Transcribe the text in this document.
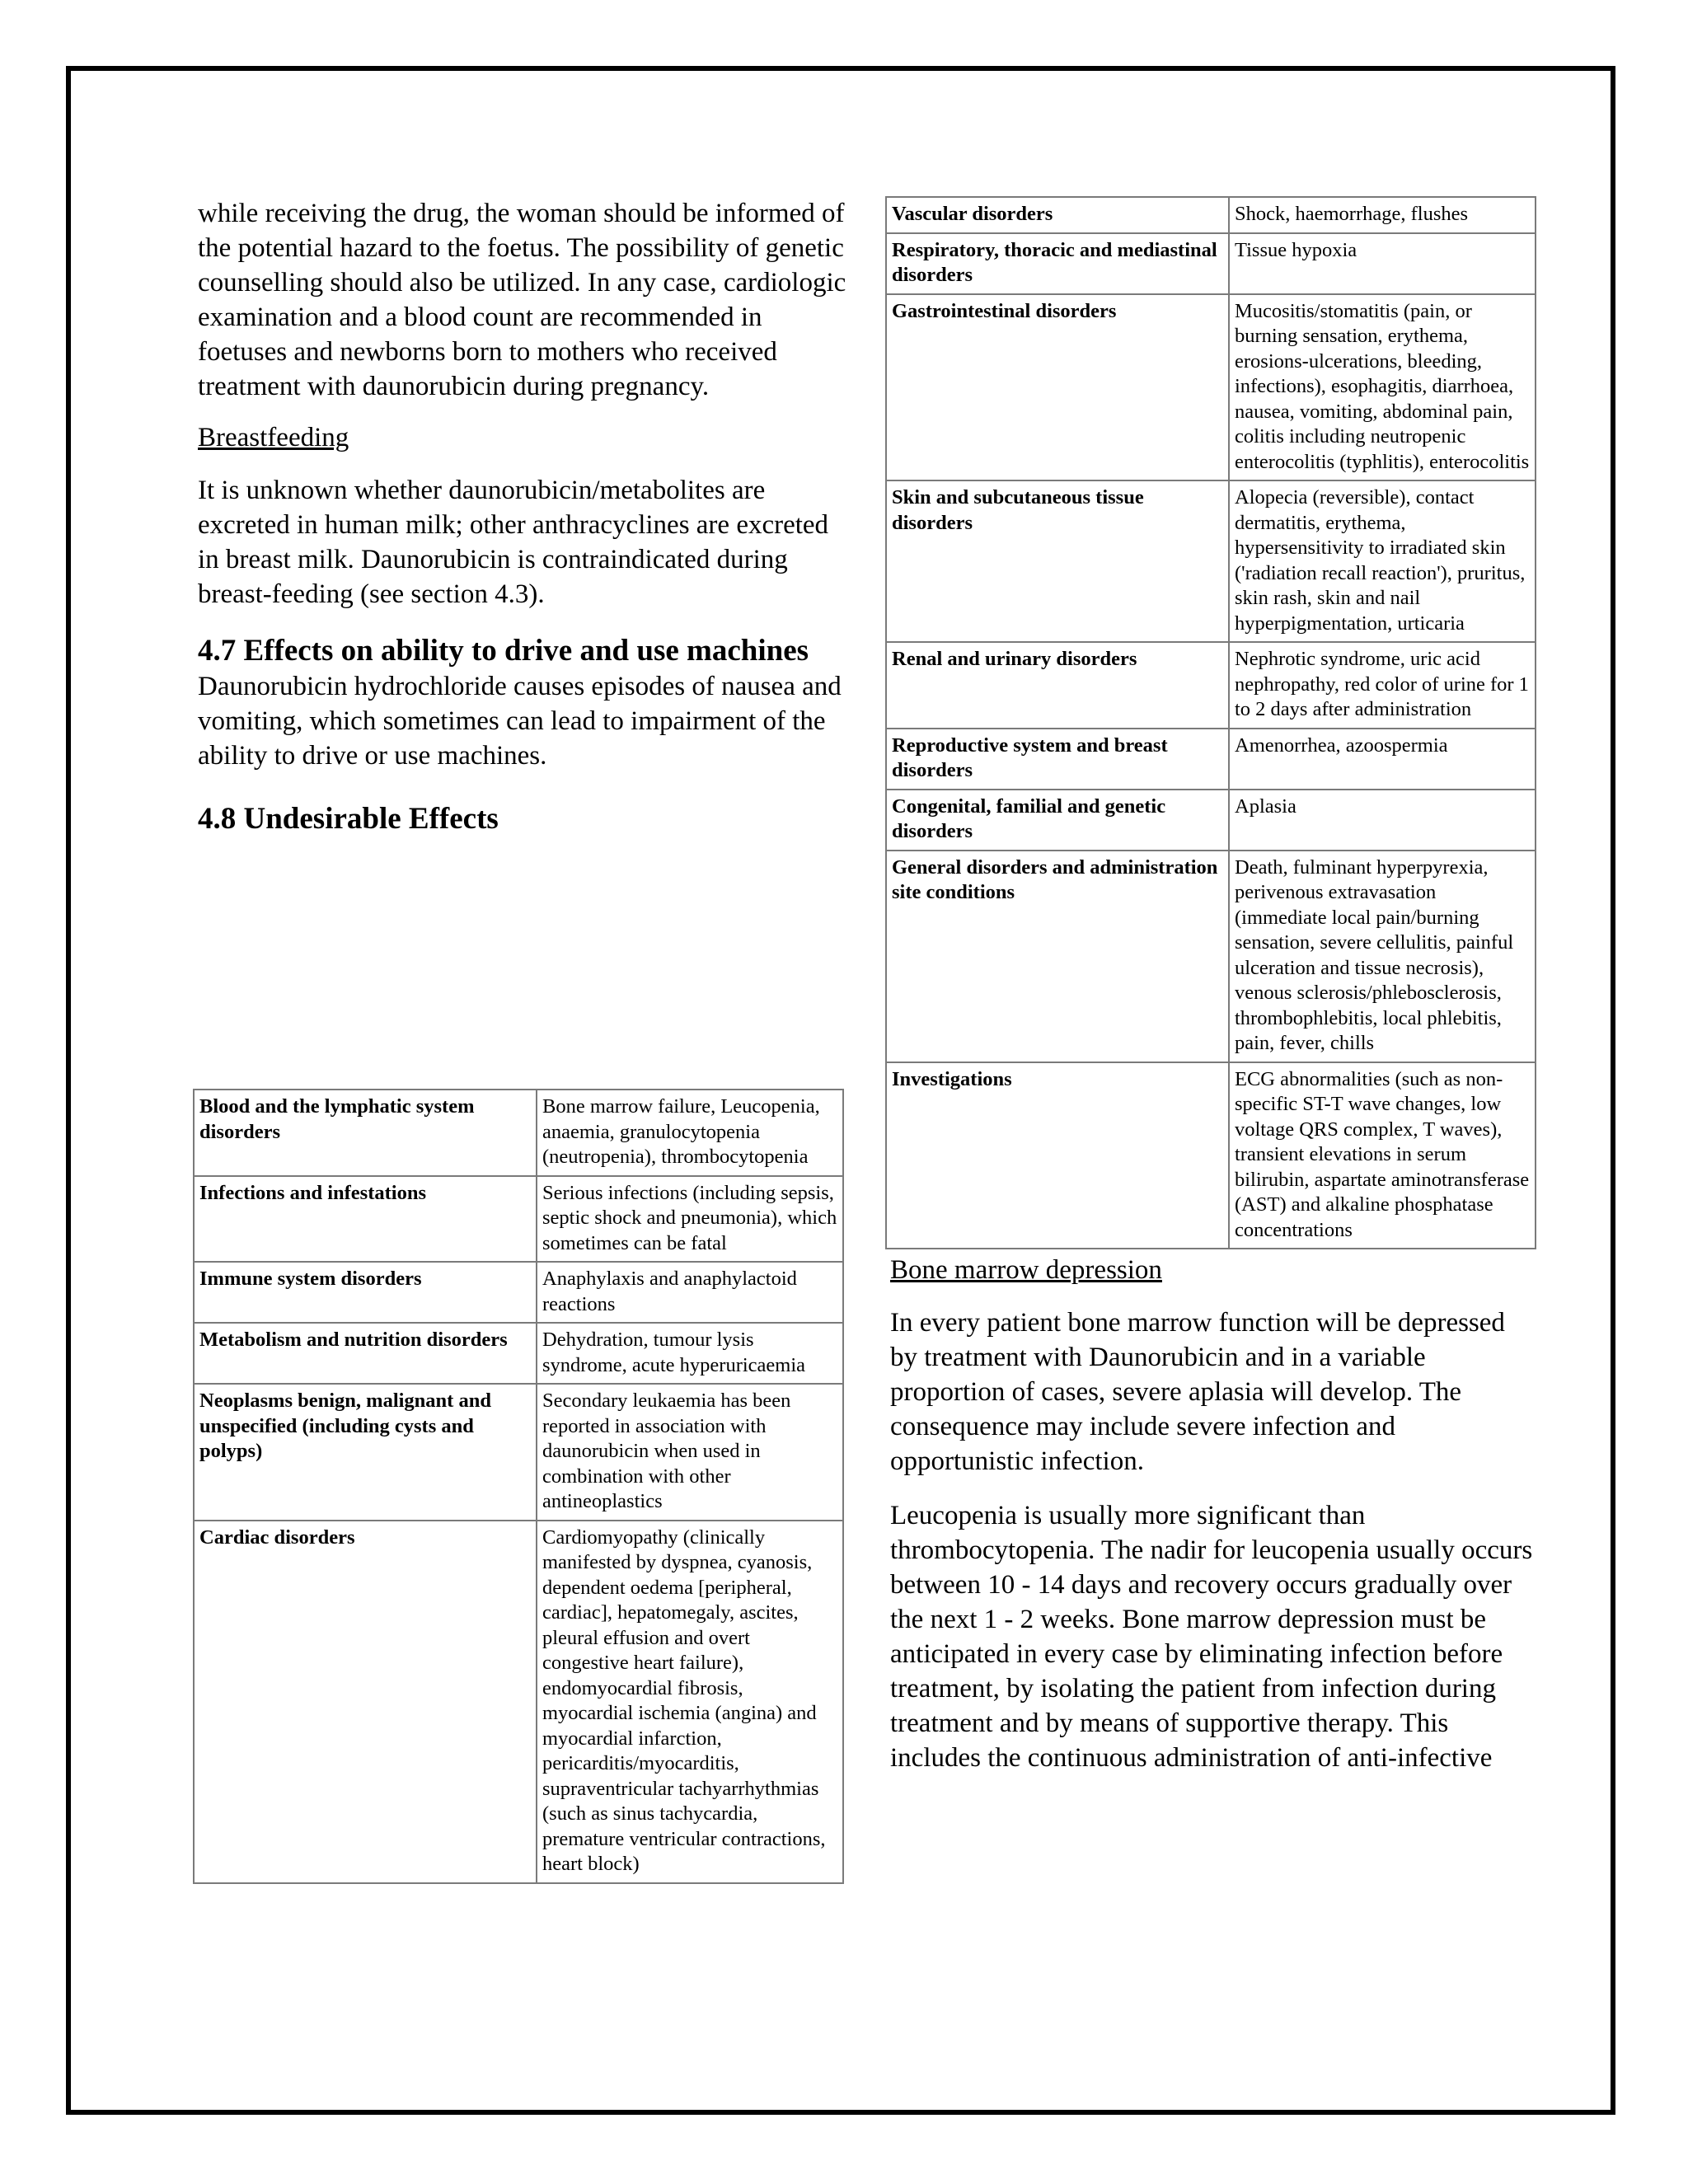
while receiving the drug, the woman should be informed of the potential hazard to the foetus. The possibility of genetic counselling should also be utilized. In any case, cardiologic examination and a blood count are recommended in foetuses and newborns born to mothers who received treatment with daunorubicin during pregnancy.

Breastfeeding

It is unknown whether daunorubicin/metabolites are excreted in human milk; other anthracyclines are excreted in breast milk. Daunorubicin is contraindicated during breast-feeding (see section 4.3).

4.7 Effects on ability to drive and use machines

Daunorubicin hydrochloride causes episodes of nausea and vomiting, which sometimes can lead to impairment of the ability to drive or use machines.

4.8 Undesirable Effects
Blood and the lymphatic system disorders	Bone marrow failure, Leucopenia, anaemia, granulocytopenia (neutropenia), thrombocytopenia
Infections and infestations	Serious infections (including sepsis, septic shock and pneumonia), which sometimes can be fatal
Immune system disorders	Anaphylaxis and anaphylactoid reactions
Metabolism and nutrition disorders	Dehydration, tumour lysis syndrome, acute hyperuricaemia
Neoplasms benign, malignant and unspecified (including cysts and polyps)	Secondary leukaemia has been reported in association with daunorubicin when used in combination with other antineoplastics
Cardiac disorders	Cardiomyopathy (clinically manifested by dyspnea, cyanosis, dependent oedema [peripheral, cardiac], hepatomegaly, ascites, pleural effusion and overt congestive heart failure), endomyocardial fibrosis, myocardial ischemia (angina) and myocardial infarction, pericarditis/myocarditis, supraventricular tachyarrhythmias (such as sinus tachycardia, premature ventricular contractions, heart block)
Vascular disorders	Shock, haemorrhage, flushes
Respiratory, thoracic and mediastinal disorders	Tissue hypoxia
Gastrointestinal disorders	Mucositis/stomatitis (pain, or burning sensation, erythema, erosions-ulcerations, bleeding, infections), esophagitis, diarrhoea, nausea, vomiting, abdominal pain, colitis including neutropenic enterocolitis (typhlitis), enterocolitis
Skin and subcutaneous tissue disorders	Alopecia (reversible), contact dermatitis, erythema, hypersensitivity to irradiated skin ('radiation recall reaction'), pruritus, skin rash, skin and nail hyperpigmentation, urticaria
Renal and urinary disorders	Nephrotic syndrome, uric acid nephropathy, red color of urine for 1 to 2 days after administration
Reproductive system and breast disorders	Amenorrhea, azoospermia
Congenital, familial and genetic disorders	Aplasia
General disorders and administration site conditions	Death, fulminant hyperpyrexia, perivenous extravasation (immediate local pain/burning sensation, severe cellulitis, painful ulceration and tissue necrosis), venous sclerosis/phlebosclerosis, thrombophlebitis, local phlebitis, pain, fever, chills
Investigations	ECG abnormalities (such as non-specific ST-T wave changes, low voltage QRS complex, T waves), transient elevations in serum bilirubin, aspartate aminotransferase (AST) and alkaline phosphatase concentrations
Bone marrow depression

In every patient bone marrow function will be depressed by treatment with Daunorubicin and in a variable proportion of cases, severe aplasia will develop. The consequence may include severe infection and opportunistic infection.

Leucopenia is usually more significant than thrombocytopenia. The nadir for leucopenia usually occurs between 10 - 14 days and recovery occurs gradually over the next 1 - 2 weeks. Bone marrow depression must be anticipated in every case by eliminating infection before treatment, by isolating the patient from infection during treatment and by means of supportive therapy. This includes the continuous administration of anti-infective
